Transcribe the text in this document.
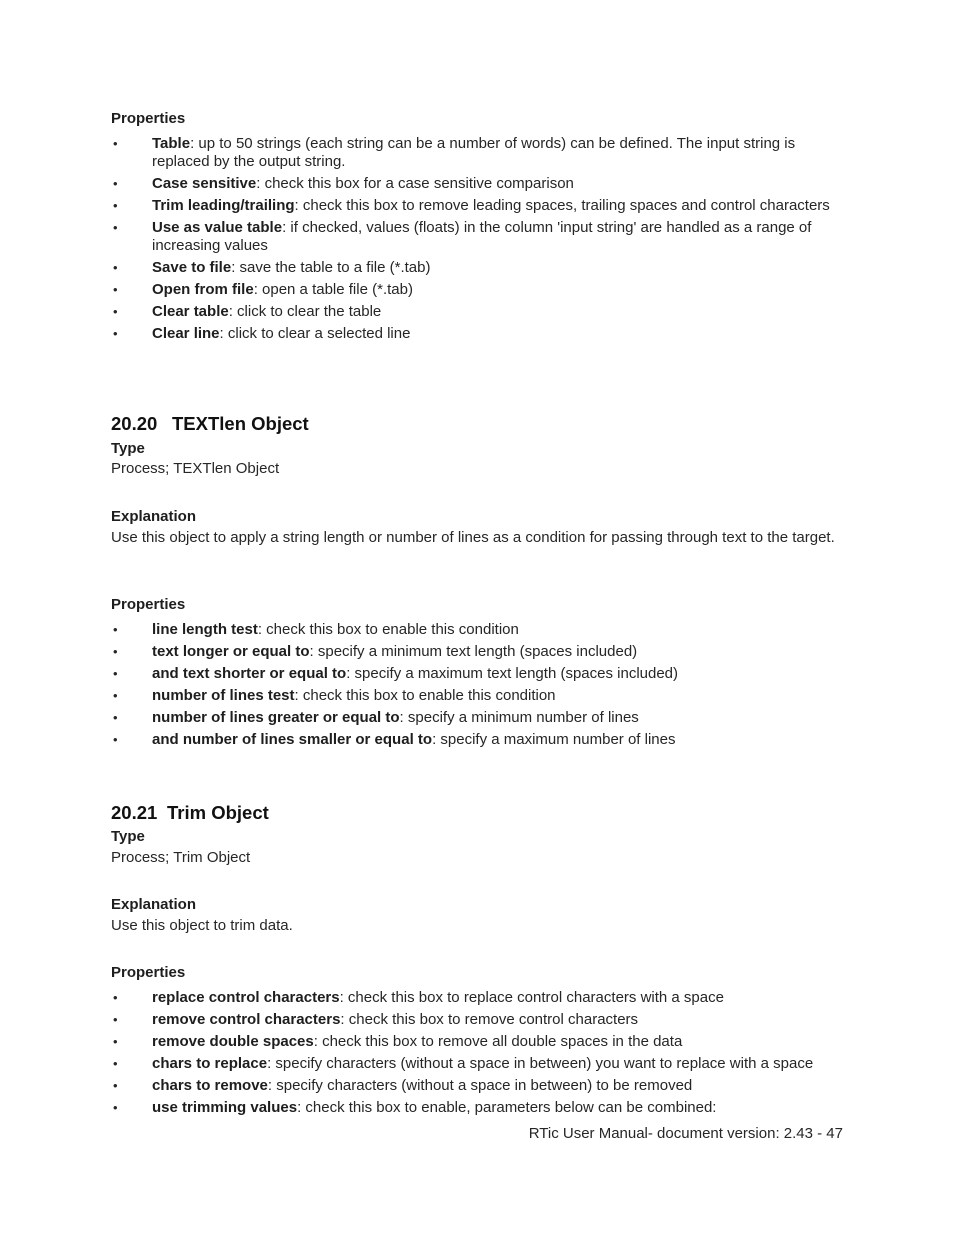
Properties
• Table: up to 50 strings (each string can be a number of words) can be defined. The input string is replaced by the output string.
• Case sensitive: check this box for a case sensitive comparison
• Trim leading/trailing: check this box to remove leading spaces, trailing spaces and control characters
• Use as value table: if checked, values (floats) in the column 'input string' are handled as a range of increasing values
• Save to file: save the table to a file (*.tab)
• Open from file: open a table file (*.tab)
• Clear table: click to clear the table
• Clear line: click to clear a selected line
20.20 TEXTlen Object
Type
Process; TEXTlen Object
Explanation
Use this object to apply a string length or number of lines as a condition for passing through text to the target.
Properties
• line length test: check this box to enable this condition
• text longer or equal to: specify a minimum text length (spaces included)
• and text shorter or equal to: specify a maximum text length (spaces included)
• number of lines test: check this box to enable this condition
• number of lines greater or equal to: specify a minimum number of lines
• and number of lines smaller or equal to: specify a maximum number of lines
20.21 Trim Object
Type
Process; Trim Object
Explanation
Use this object to trim data.
Properties
• replace control characters: check this box to replace control characters with a space
• remove control characters: check this box to remove control characters
• remove double spaces: check this box to remove all double spaces in the data
• chars to replace: specify characters (without a space in between) you want to replace with a space
• chars to remove: specify characters (without a space in between) to be removed
• use trimming values: check this box to enable, parameters below can be combined:
RTic User Manual- document version: 2.43 - 47
